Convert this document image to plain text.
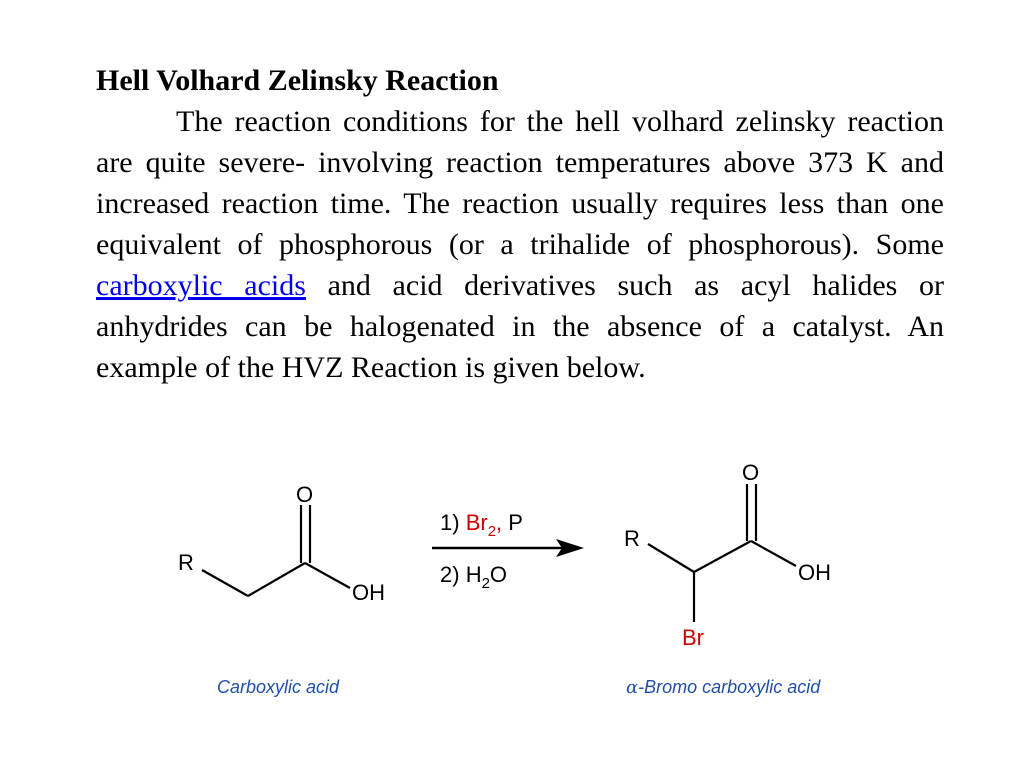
Hell Volhard Zelinsky Reaction

The reaction conditions for the hell volhard zelinsky reaction are quite severe- involving reaction temperatures above 373 K and increased reaction time. The reaction usually requires less than one equivalent of phosphorous (or a trihalide of phosphorous). Some carboxylic acids and acid derivatives such as acyl halides or anhydrides can be halogenated in the absence of a catalyst. An example of the HVZ Reaction is given below.

R
O
OH
1) $Br_2$, P
2) $H_2O$
R
O
OH
Br
Carboxylic acid	α-Bromo carboxylic acid
